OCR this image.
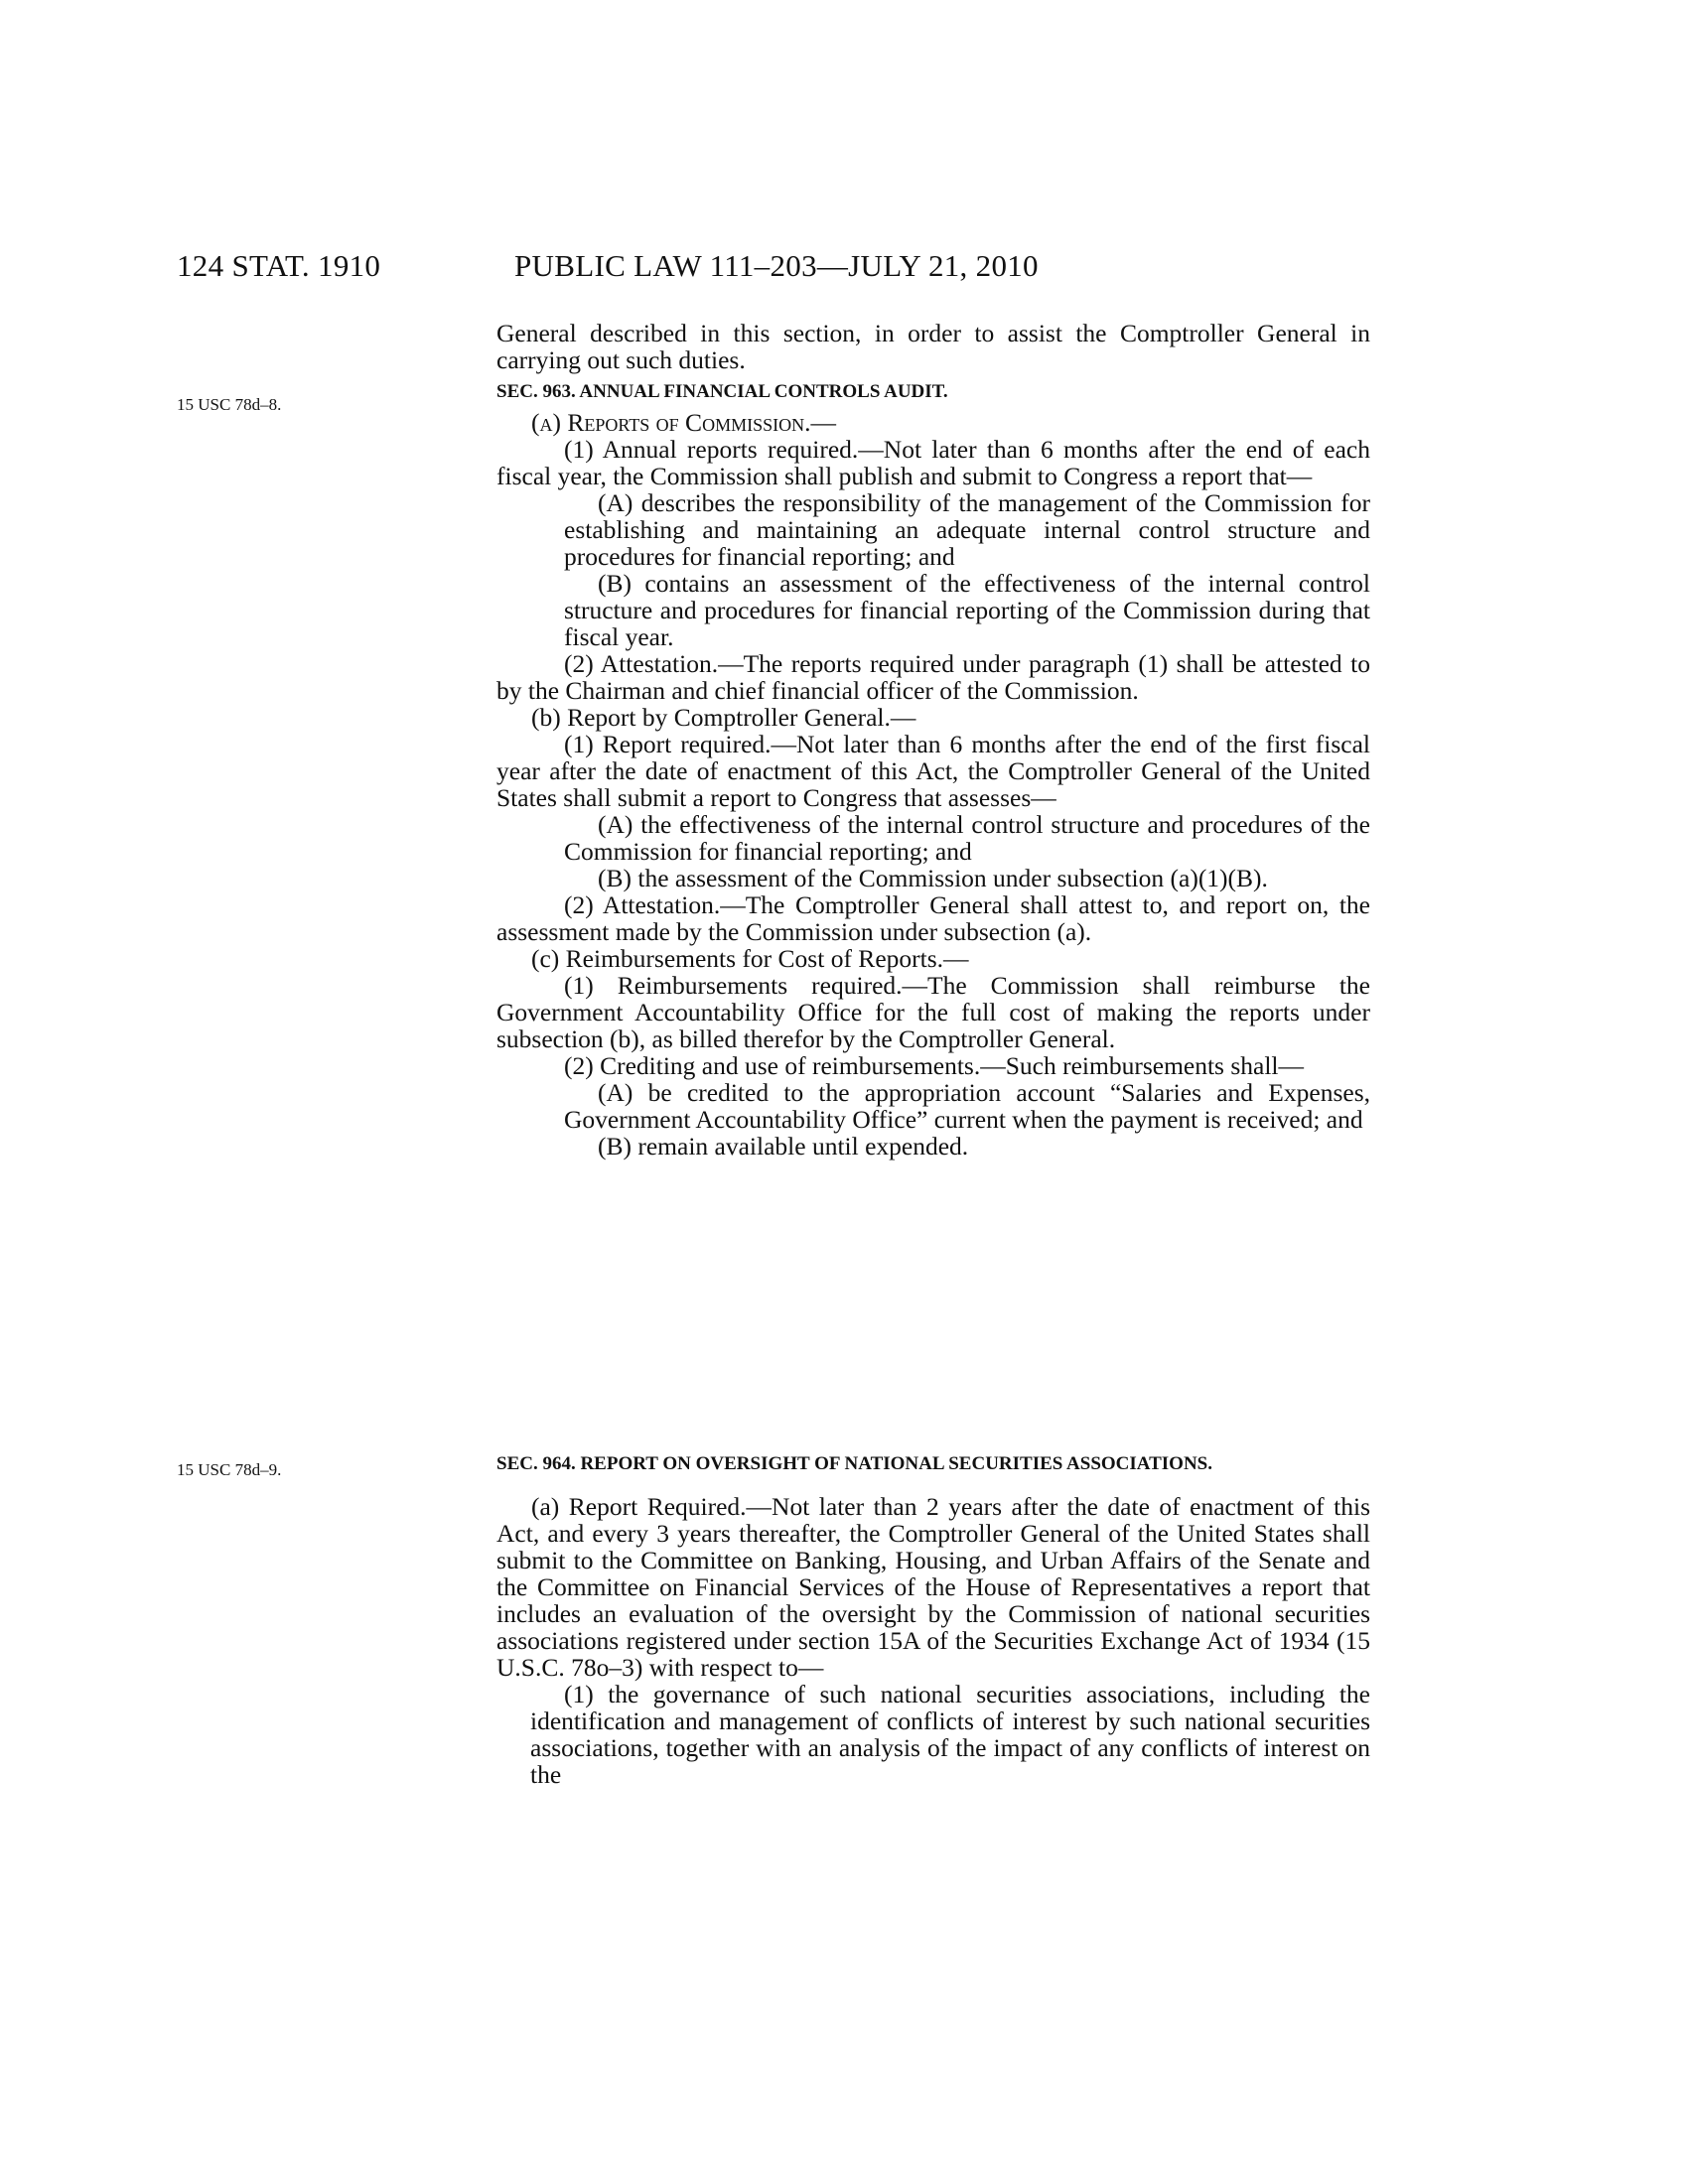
124 STAT. 1910	PUBLIC LAW 111–203—JULY 21, 2010
15 USC 78d–8.
15 USC 78d–9.

General described in this section, in order to assist the Comptroller General in carrying out such duties.

SEC. 963. ANNUAL FINANCIAL CONTROLS AUDIT.

(a) Reports of Commission.—

(1) Annual reports required.—Not later than 6 months after the end of each fiscal year, the Commission shall publish and submit to Congress a report that—

(A) describes the responsibility of the management of the Commission for establishing and maintaining an adequate internal control structure and procedures for financial reporting; and

(B) contains an assessment of the effectiveness of the internal control structure and procedures for financial reporting of the Commission during that fiscal year.

(2) Attestation.—The reports required under paragraph (1) shall be attested to by the Chairman and chief financial officer of the Commission.

(b) Report by Comptroller General.—

(1) Report required.—Not later than 6 months after the end of the first fiscal year after the date of enactment of this Act, the Comptroller General of the United States shall submit a report to Congress that assesses—

(A) the effectiveness of the internal control structure and procedures of the Commission for financial reporting; and

(B) the assessment of the Commission under subsection (a)(1)(B).

(2) Attestation.—The Comptroller General shall attest to, and report on, the assessment made by the Commission under subsection (a).

(c) Reimbursements for Cost of Reports.—

(1) Reimbursements required.—The Commission shall reimburse the Government Accountability Office for the full cost of making the reports under subsection (b), as billed therefor by the Comptroller General.

(2) Crediting and use of reimbursements.—Such reimbursements shall—

(A) be credited to the appropriation account “Salaries and Expenses, Government Accountability Office” current when the payment is received; and

(B) remain available until expended.

SEC. 964. REPORT ON OVERSIGHT OF NATIONAL SECURITIES ASSOCIATIONS.

(a) Report Required.—Not later than 2 years after the date of enactment of this Act, and every 3 years thereafter, the Comptroller General of the United States shall submit to the Committee on Banking, Housing, and Urban Affairs of the Senate and the Committee on Financial Services of the House of Representatives a report that includes an evaluation of the oversight by the Commission of national securities associations registered under section 15A of the Securities Exchange Act of 1934 (15 U.S.C. 78o–3) with respect to—

(1) the governance of such national securities associations, including the identification and management of conflicts of interest by such national securities associations, together with an analysis of the impact of any conflicts of interest on the
